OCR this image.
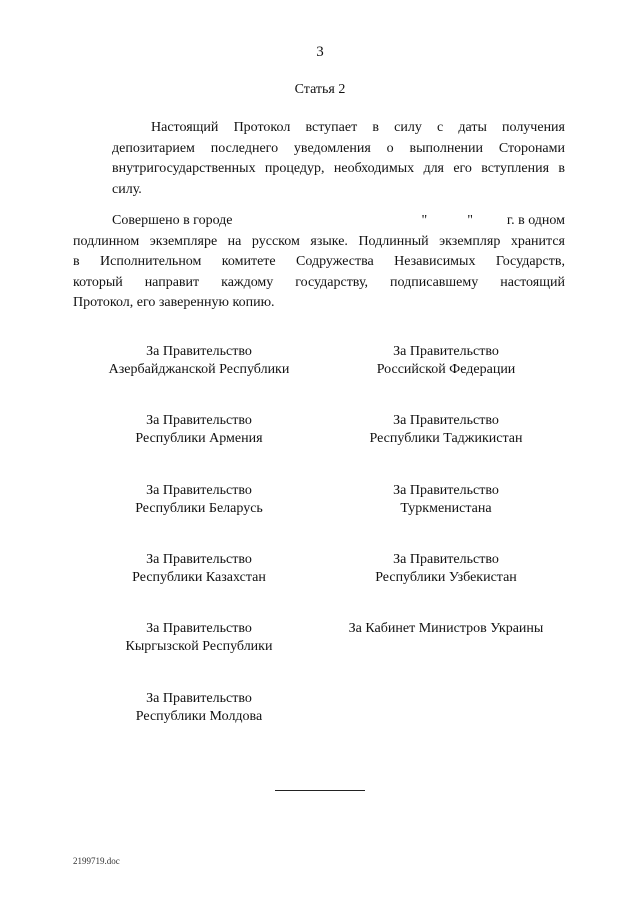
3
Статья 2
Настоящий Протокол вступает в силу с даты получения
депозитарием последнего уведомления о выполнении Сторонами
внутригосударственных процедур, необходимых для его вступления в
силу.
Совершено в городе	"	" г. в одном
подлинном экземпляре на русском языке. Подлинный экземпляр хранится
в Исполнительном комитете Содружества Независимых Государств,
который направит каждому государству, подписавшему настоящий
Протокол, его заверенную копию.
За Правительство
Азербайджанской Республики
За Правительство
Республики Армения
За Правительство
Республики Беларусь
За Правительство
Республики Казахстан
За Правительство
Кыргызской Республики
За Правительство
Республики Молдова
За Правительство
Российской Федерации
За Правительство
Республики Таджикистан
За Правительство
Туркменистана
За Правительство
Республики Узбекистан
За Кабинет Министров Украины
2199719.doc
